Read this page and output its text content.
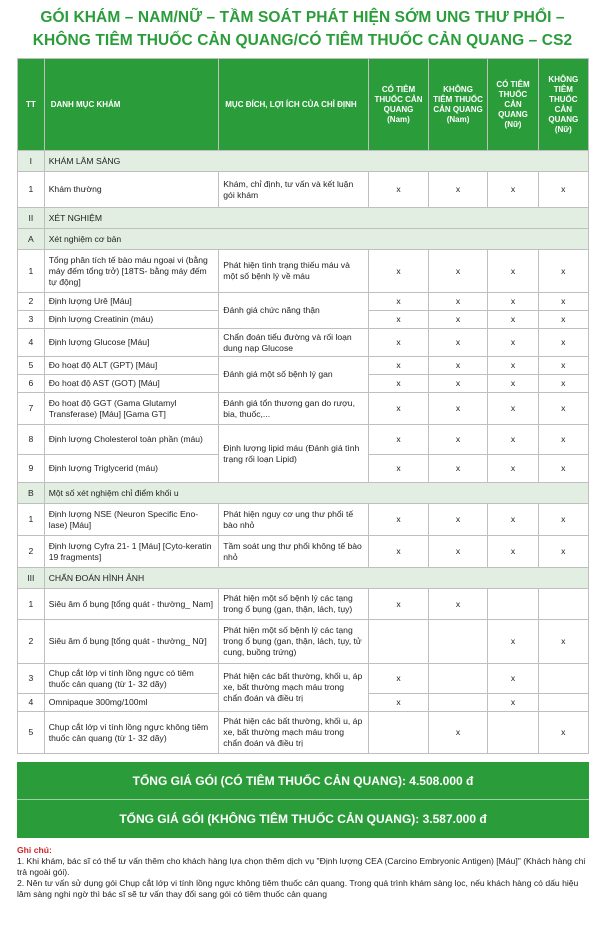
GÓI KHÁM – NAM/NỮ – TẦM SOÁT PHÁT HIỆN SỚM UNG THƯ PHỔI –
KHÔNG TIÊM THUỐC CẢN QUANG/CÓ TIÊM THUỐC CẢN QUANG – CS2
TT	DANH MỤC KHÁM	MỤC ĐÍCH, LỢI ÍCH CỦA CHỈ ĐỊNH	CÓ TIÊM THUỐC CẢN QUANG (Nam)	KHÔNG TIÊM THUỐC CẢN QUANG (Nam)	CÓ TIÊM THUỐC CẢN QUANG (Nữ)	KHÔNG TIÊM THUỐC CẢN QUANG (Nữ)
I	KHÁM LÂM SÀNG					
1	Khám thường	Khám, chỉ định, tư vấn và kết luận gói khám	x	x	x	x
II	XÉT NGHIỆM					
A	Xét nghiệm cơ bản					
1	Tổng phân tích tế bào máu ngoại vi (bằng máy đếm tổng trở) [18TS- bằng máy đếm tự động]	Phát hiện tình trạng thiếu máu và một số bệnh lý về máu	x	x	x	x
2	Định lượng Urê [Máu]	Đánh giá chức năng thận	x	x	x	x
3	Định lượng Creatinin (máu)		x	x	x	x
4	Định lượng Glucose [Máu]	Chẩn đoán tiểu đường và rối loạn dung nạp Glucose	x	x	x	x
5	Đo hoạt độ ALT (GPT) [Máu]	Đánh giá một số bệnh lý gan	x	x	x	x
6	Đo hoạt độ AST (GOT) [Máu]		x	x	x	x
7	Đo hoạt độ GGT (Gama Glutamyl Transferase) [Máu] [Gama GT]	Đánh giá tổn thương gan do rượu, bia, thuốc,...	x	x	x	x
8	Định lượng Cholesterol toàn phần (máu)	Định lượng lipid máu (Đánh giá tình trạng rối loạn Lipid)	x	x	x	x
9	Định lượng Triglycerid (máu)		x	x	x	x
B	Một số xét nghiệm chỉ điểm khối u					
1	Định lượng NSE (Neuron Specific Eno-lase) [Máu]	Phát hiện nguy cơ ung thư phổi tế bào nhỏ	x	x	x	x
2	Định lượng Cyfra 21- 1 [Máu] [Cyto-keratin 19 fragments]	Tầm soát ung thư phổi không tế bào nhỏ	x	x	x	x
III	CHẨN ĐOÁN HÌNH ẢNH					
1	Siêu âm ổ bụng [tổng quát - thường_ Nam]	Phát hiện một số bệnh lý các tạng trong ổ bụng (gan, thận, lách, tụy)	x	x		
2	Siêu âm ổ bụng [tổng quát - thường_ Nữ]	Phát hiện một số bệnh lý các tạng trong ổ bụng (gan, thận, lách, tụy, tử cung, buồng trứng)			x	x
3	Chụp cắt lớp vi tính lồng ngực có tiêm thuốc cản quang (từ 1- 32 dãy)	Phát hiện các bất thường, khối u, áp xe, bất thường mạch máu trong chẩn đoán và điều trị	x		x	
4	Omnipaque 300mg/100ml		x		x	
5	Chụp cắt lớp vi tính lồng ngực không tiêm thuốc cản quang (từ 1- 32 dãy)	Phát hiện các bất thường, khối u, áp xe, bất thường mạch máu trong chẩn đoán và điều trị		x		x
TỔNG GIÁ GÓI (CÓ TIÊM THUỐC CẢN QUANG): 4.508.000 đ
TỔNG GIÁ GÓI (KHÔNG TIÊM THUỐC CẢN QUANG): 3.587.000 đ
Ghi chú:
1. Khi khám, bác sĩ có thể tư vấn thêm cho khách hàng lựa chọn thêm dịch vụ "Định lượng CEA (Carcino Embryonic Antigen) [Máu]" (Khách hàng chi trả ngoài gói).
2. Nên tư vấn sử dụng gói Chụp cắt lớp vi tính lồng ngực không tiêm thuốc cản quang. Trong quá trình khám sàng lọc, nếu khách hàng có dấu hiệu lâm sàng nghi ngờ thì bác sĩ sẽ tư vấn thay đổi sang gói có tiêm thuốc cản quang
